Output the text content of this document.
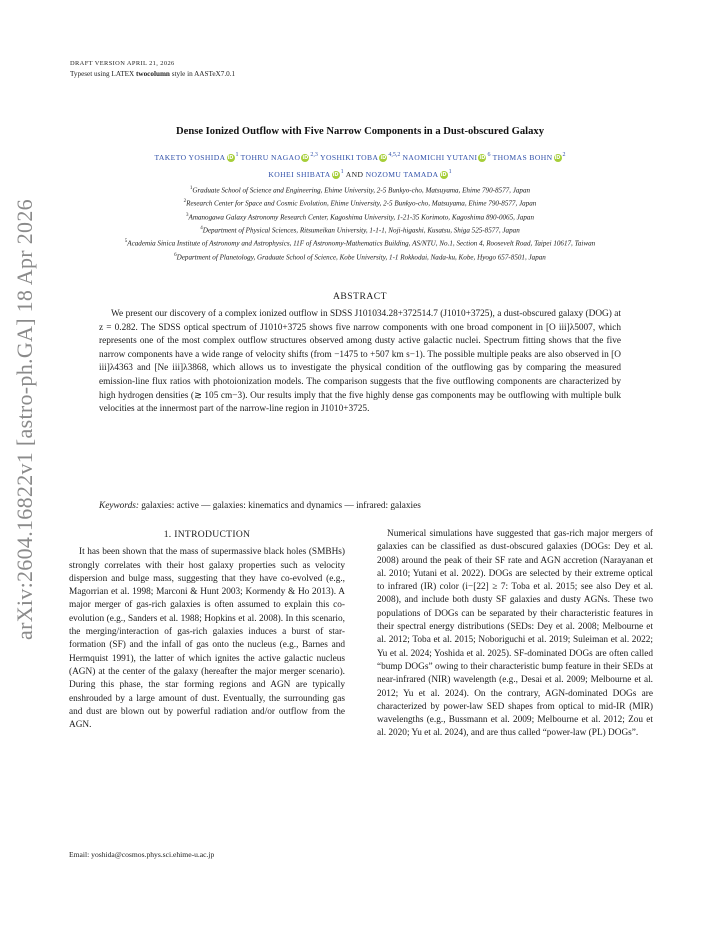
arXiv:2604.16822v1 [astro-ph.GA] 18 Apr 2026
DRAFT VERSION APRIL 21, 2026
Typeset using LATEX twocolumn style in AASTeX7.0.1
Dense Ionized Outflow with Five Narrow Components in a Dust-obscured Galaxy
TAKETO YOSHIDA iD $^1$ TOHRU NAGAO iD $^{2,3}$ YOSHIKI TOBA iD $^{4,5,2}$ NAOMICHI YUTANI iD $^6$ THOMAS BOHN iD $^2$
KOHEI SHIBATA iD $^1$ AND NOZOMU TAMADA iD $^1$
$^1$Graduate School of Science and Engineering, Ehime University, 2-5 Bunkyo-cho, Matsuyama, Ehime 790-8577, Japan
$^2$Research Center for Space and Cosmic Evolution, Ehime University, 2-5 Bunkyo-cho, Matsuyama, Ehime 790-8577, Japan
$^3$Amanogawa Galaxy Astronomy Research Center, Kagoshima University, 1-21-35 Korimoto, Kagoshima 890-0065, Japan
$^4$Department of Physical Sciences, Ritsumeikan University, 1-1-1, Noji-higashi, Kusatsu, Shiga 525-8577, Japan
$^5$Academia Sinica Institute of Astronomy and Astrophysics, 11F of Astronomy-Mathematics Building, AS/NTU, No.1, Section 4, Roosevelt Road, Taipei 10617, Taiwan
$^6$Department of Planetology, Graduate School of Science, Kobe University, 1-1 Rokkodai, Nada-ku, Kobe, Hyogo 657-8501, Japan
ABSTRACT
We present our discovery of a complex ionized outflow in SDSS J101034.28+372514.7 (J1010+3725), a dust-obscured galaxy (DOG) at z = 0.282. The SDSS optical spectrum of J1010+3725 shows five narrow components with one broad component in [O iii]λ5007, which represents one of the most complex outflow structures observed among dusty active galactic nuclei. Spectrum fitting shows that the five narrow components have a wide range of velocity shifts (from −1475 to +507 km s−1). The possible multiple peaks are also observed in [O iii]λ4363 and [Ne iii]λ3868, which allows us to investigate the physical condition of the outflowing gas by comparing the measured emission-line flux ratios with photoionization models. The comparison suggests that the five outflowing components are characterized by high hydrogen densities (≳ 105 cm−3). Our results imply that the five highly dense gas components may be outflowing with multiple bulk velocities at the innermost part of the narrow-line region in J1010+3725.
Keywords: galaxies: active — galaxies: kinematics and dynamics — infrared: galaxies
1. INTRODUCTION

It has been shown that the mass of supermassive black holes (SMBHs) strongly correlates with their host galaxy properties such as velocity dispersion and bulge mass, suggesting that they have co-evolved (e.g., Magorrian et al. 1998; Marconi & Hunt 2003; Kormendy & Ho 2013). A major merger of gas-rich galaxies is often assumed to explain this co-evolution (e.g., Sanders et al. 1988; Hopkins et al. 2008). In this scenario, the merging/interaction of gas-rich galaxies induces a burst of star-formation (SF) and the infall of gas onto the nucleus (e.g., Barnes and Hermquist 1991), the latter of which ignites the active galactic nucleus (AGN) at the center of the galaxy (hereafter the major merger scenario). During this phase, the star forming regions and AGN are typically enshrouded by a large amount of dust. Eventually, the surrounding gas and dust are blown out by powerful radiation and/or outflow from the AGN.

Numerical simulations have suggested that gas-rich major mergers of galaxies can be classified as dust-obscured galaxies (DOGs: Dey et al. 2008) around the peak of their SF rate and AGN accretion (Narayanan et al. 2010; Yutani et al. 2022). DOGs are selected by their extreme optical to infrared (IR) color (i−[22] ≥ 7: Toba et al. 2015; see also Dey et al. 2008), and include both dusty SF galaxies and dusty AGNs. These two populations of DOGs can be separated by their characteristic features in their spectral energy distributions (SEDs: Dey et al. 2008; Melbourne et al. 2012; Toba et al. 2015; Noboriguchi et al. 2019; Suleiman et al. 2022; Yu et al. 2024; Yoshida et al. 2025). SF-dominated DOGs are often called “bump DOGs” owing to their characteristic bump feature in their SEDs at near-infrared (NIR) wavelength (e.g., Desai et al. 2009; Melbourne et al. 2012; Yu et al. 2024). On the contrary, AGN-dominated DOGs are characterized by power-law SED shapes from optical to mid-IR (MIR) wavelengths (e.g., Bussmann et al. 2009; Melbourne et al. 2012; Zou et al. 2020; Yu et al. 2024), and are thus called “power-law (PL) DOGs”.

Email: yoshida@cosmos.phys.sci.ehime-u.ac.jp
